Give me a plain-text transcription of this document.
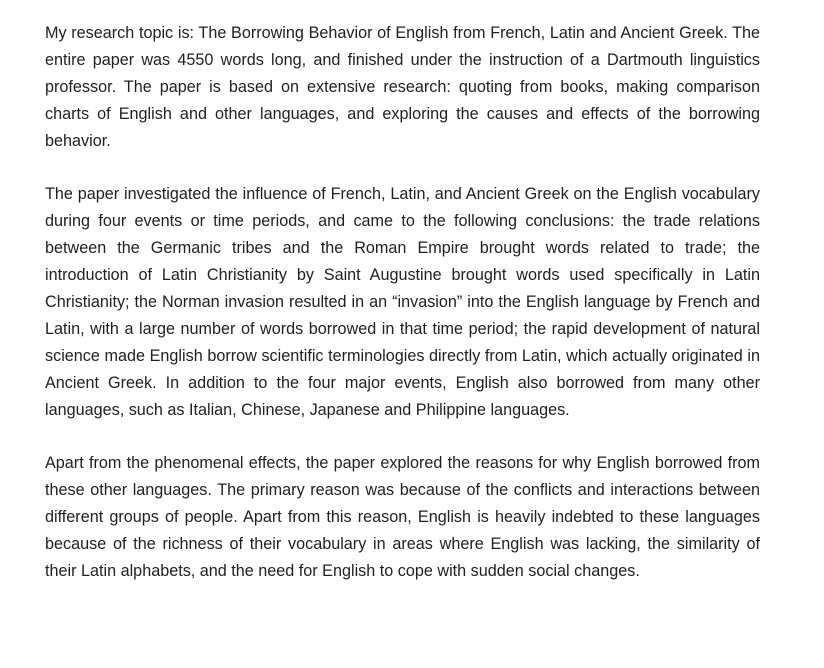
My research topic is: The Borrowing Behavior of English from French, Latin and Ancient Greek. The entire paper was 4550 words long, and finished under the instruction of a Dartmouth linguistics professor. The paper is based on extensive research: quoting from books, making comparison charts of English and other languages, and exploring the causes and effects of the borrowing behavior.

The paper investigated the influence of French, Latin, and Ancient Greek on the English vocabulary during four events or time periods, and came to the following conclusions: the trade relations between the Germanic tribes and the Roman Empire brought words related to trade; the introduction of Latin Christianity by Saint Augustine brought words used specifically in Latin Christianity; the Norman invasion resulted in an “invasion” into the English language by French and Latin, with a large number of words borrowed in that time period; the rapid development of natural science made English borrow scientific terminologies directly from Latin, which actually originated in Ancient Greek. In addition to the four major events, English also borrowed from many other languages, such as Italian, Chinese, Japanese and Philippine languages.

Apart from the phenomenal effects, the paper explored the reasons for why English borrowed from these other languages. The primary reason was because of the conflicts and interactions between different groups of people. Apart from this reason, English is heavily indebted to these languages because of the richness of their vocabulary in areas where English was lacking, the similarity of their Latin alphabets, and the need for English to cope with sudden social changes.
